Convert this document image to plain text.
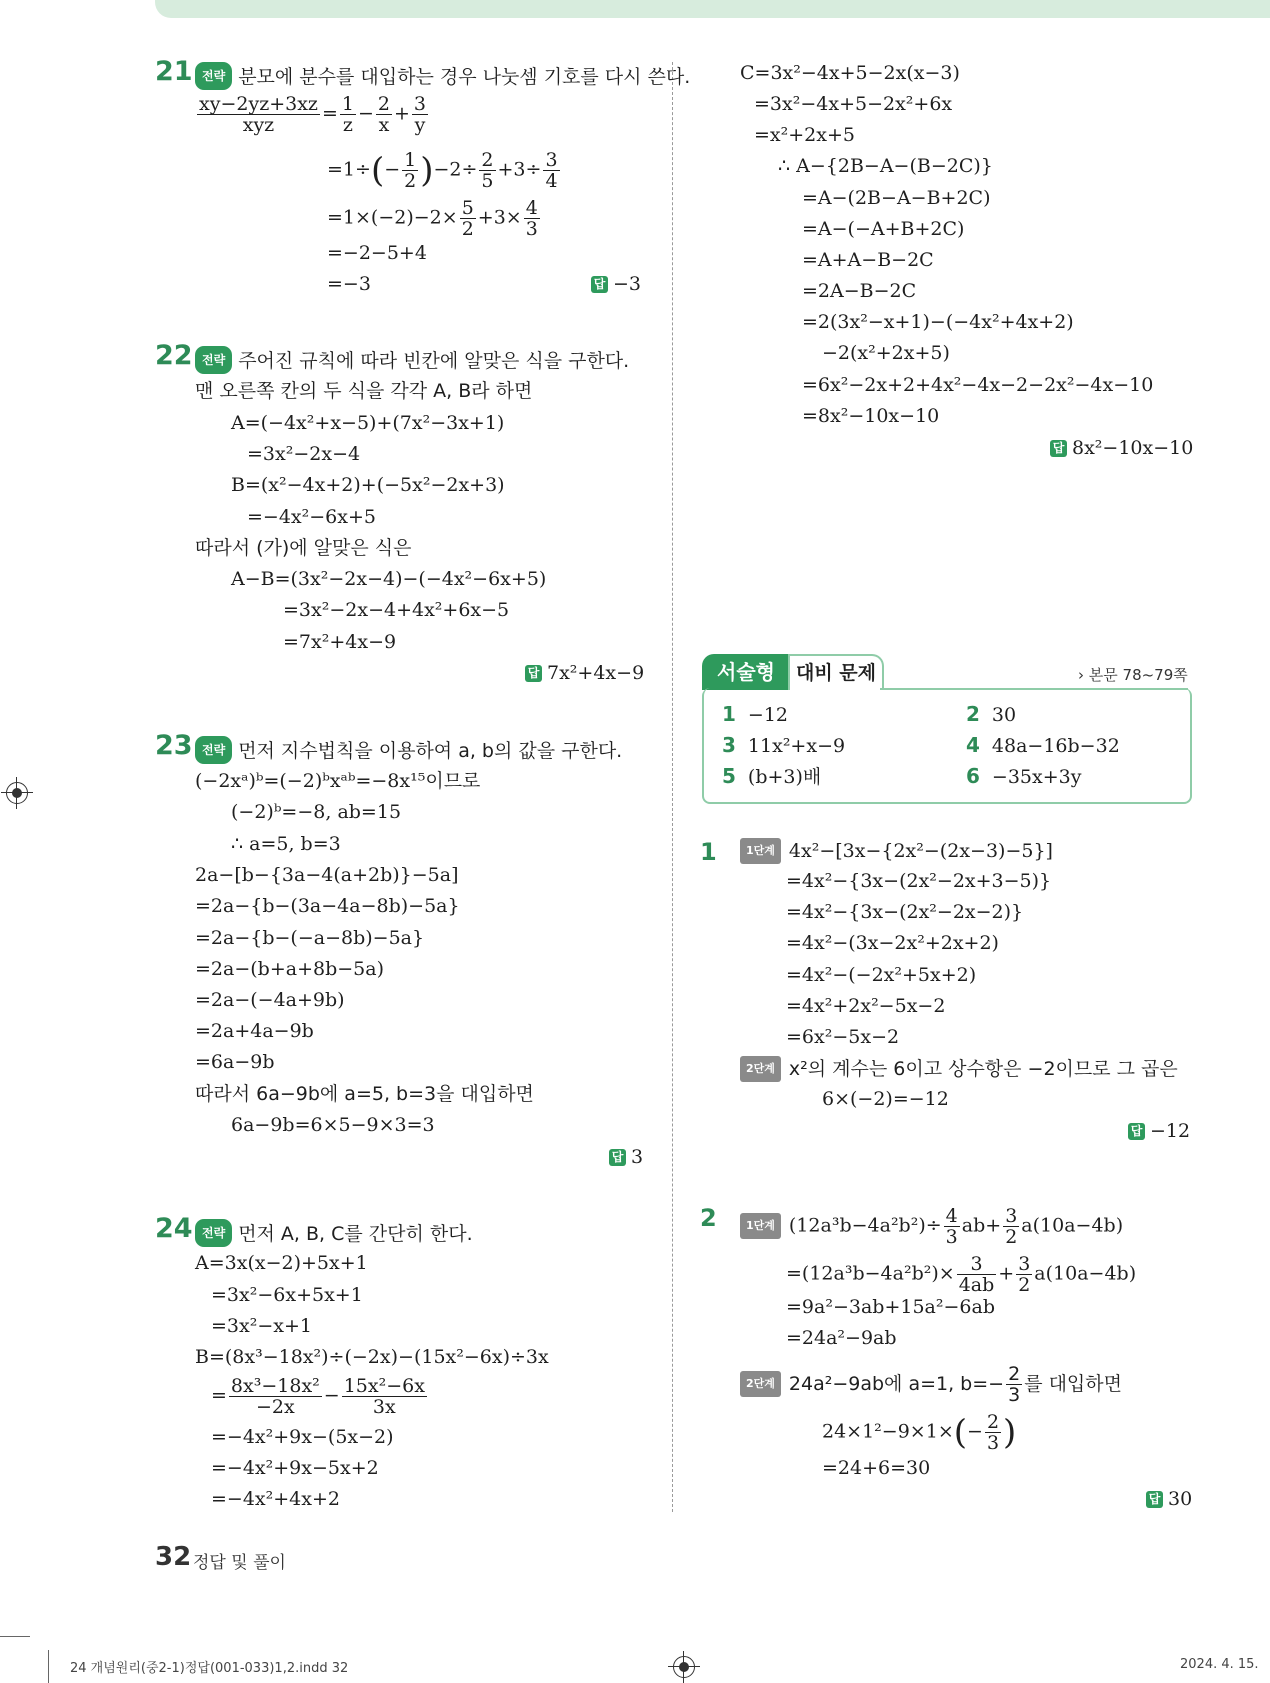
21 전략 분모에 분수를 대입하는 경우 나눗셈 기호를 다시 쓴다.
$\frac{xy-2yz+3xz}{\text{xyz}} = \frac{1}{z} - \frac{2}{x} + \frac{3}{y}$
$=1\div(- \frac{1}{2} )-2\div \frac{2}{5} +3\div \frac{3}{4}$
$=1\times(-2)-2\times \frac{5}{2} +3\times \frac{4}{3}$
=−2−5+4
=−3	답 −3
22 전략 주어진 규칙에 따라 빈칸에 알맞은 식을 구한다.
맨 오른쪽 칸의 두 식을 각각 A, B라 하면
A=(−4x²+x−5)+(7x²−3x+1)
=3x²−2x−4
B=(x²−4x+2)+(−5x²−2x+3)
=−4x²−6x+5
따라서 (가)에 알맞은 식은
A−B=(3x²−2x−4)−(−4x²−6x+5)
=3x²−2x−4+4x²+6x−5
=7x²+4x−9
답 7x²+4x−9
23 전략 먼저 지수법칙을 이용하여 a, b의 값을 구한다.
(−2xᵃ)ᵇ=(−2)ᵇxᵃᵇ=−8x¹⁵이므로
(−2)ᵇ=−8, ab=15
∴ a=5, b=3
2a−[b−{3a−4(a+2b)}−5a]
=2a−{b−(3a−4a−8b)−5a}
=2a−{b−(−a−8b)−5a}
=2a−(b+a+8b−5a)
=2a−(−4a+9b)
=2a+4a−9b
=6a−9b
따라서 6a−9b에 a=5, b=3을 대입하면
6a−9b=6×5−9×3=3
답 3
24 전략 먼저 A, B, C를 간단히 한다.
A=3x(x−2)+5x+1
=3x²−6x+5x+1
=3x²−x+1
B=(8x³−18x²)÷(−2x)−(15x²−6x)÷3x
= $\frac{\text{8x³−18x²}}{-2x} - \frac{\text{15x²−6x}}{3x}$
=−4x²+9x−(5x−2)
=−4x²+9x−5x+2
=−4x²+4x+2
C=3x²−4x+5−2x(x−3)
=3x²−4x+5−2x²+6x
=x²+2x+5
∴ A−{2B−A−(B−2C)}
=A−(2B−A−B+2C)
=A−(−A+B+2C)
=A+A−B−2C
=2A−B−2C
=2(3x²−x+1)−(−4x²+4x+2)
−2(x²+2x+5)
=6x²−2x+2+4x²−4x−2−2x²−4x−10
=8x²−10x−10
답 8x²−10x−10
서술형	대비 문제	› 본문 78~79쪽
1 −12	2 30
3 11x²+x−9	4 48a−16b−32
5 (b+3)배	6 −35x+3y
1	1단계 4x²−[3x−{2x²−(2x−3)−5}]
=4x²−{3x−(2x²−2x+3−5)}
=4x²−{3x−(2x²−2x−2)}
=4x²−(3x−2x²+2x+2)
=4x²−(−2x²+5x+2)
=4x²+2x²−5x−2
=6x²−5x−2
2단계 x²의 계수는 6이고 상수항은 −2이므로 그 곱은
6×(−2)=−12
답 −12
2	1단계 $(12a^3b-4a^2b^2)\div \frac{4}{3} ab+ \frac{3}{2} a(10a-4b)$
$=(12a^3b-4a^2b^2)\times \frac{3}{4ab} + \frac{3}{2} a(10a-4b)$
=9a²−3ab+15a²−6ab
=24a²−9ab
2단계 24a²−9ab에 a=1, $b=- \frac{2}{3}$ 를 대입하면
$24\times 1^2-9\times 1\times(- \frac{2}{3}$ )
=24+6=30
답 30
32 정답 및 풀이
24 개념원리(중2-1)정답(001-033)1,2.indd 32	2024. 4. 15.
